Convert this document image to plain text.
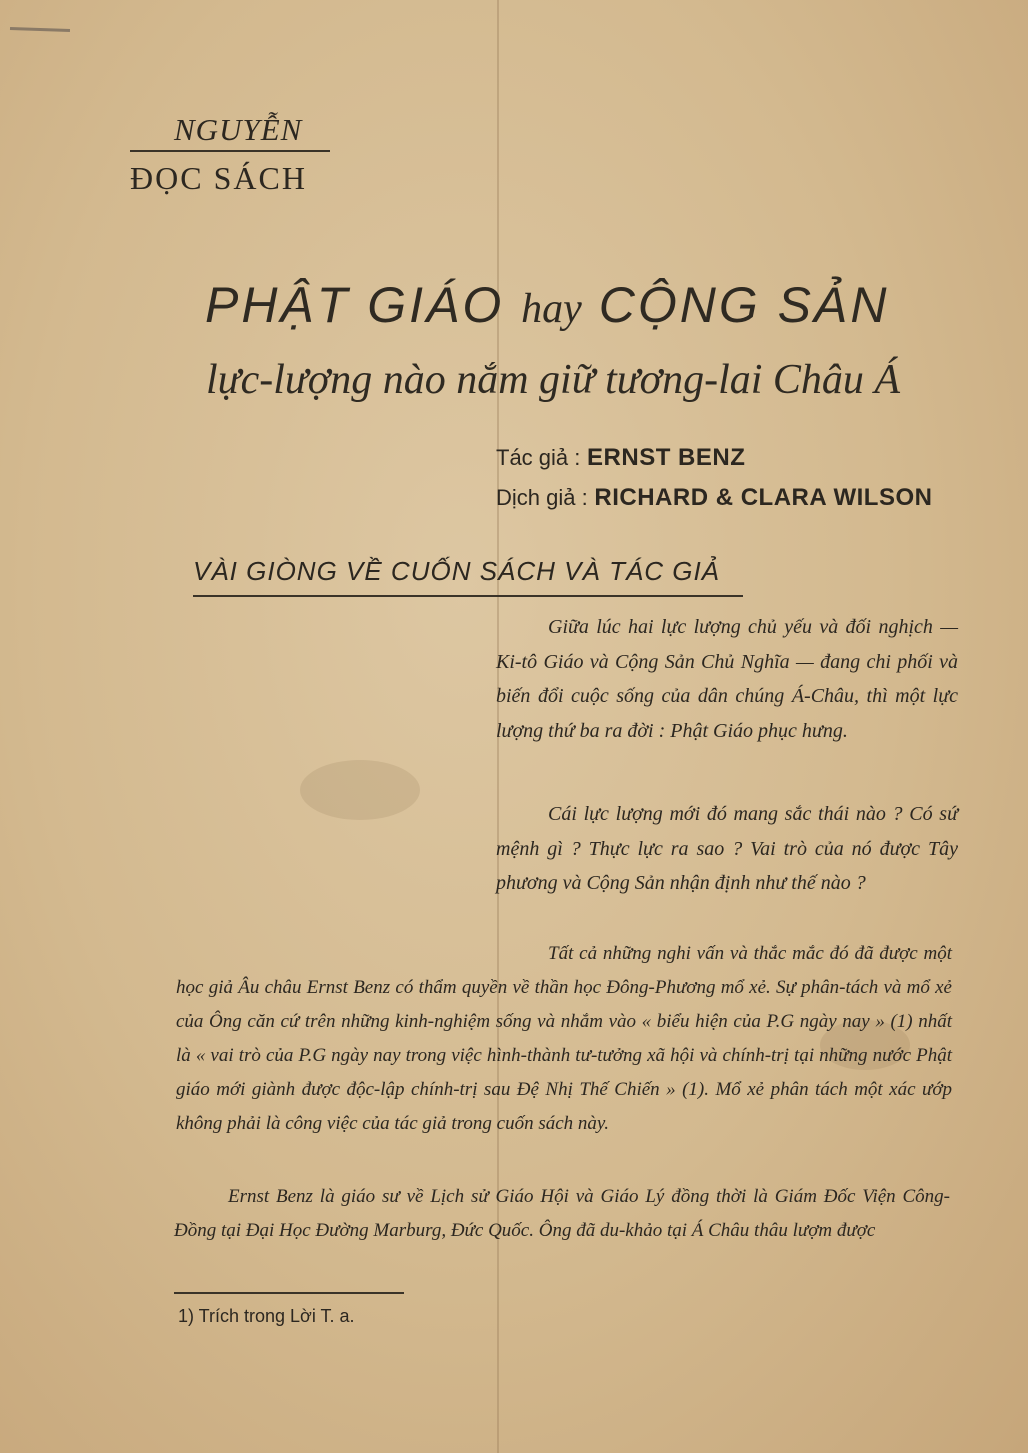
NGUYỄN
ĐỌC SÁCH
PHẬT GIÁO hay CỘNG SẢN
lực-lượng nào nắm giữ tương-lai Châu Á
Tác giả : ERNST BENZ
Dịch giả : RICHARD & CLARA WILSON
VÀI GIÒNG VỀ CUỐN SÁCH VÀ TÁC GIẢ

Giữa lúc hai lực lượng chủ yếu và đối nghịch — Ki-tô Giáo và Cộng Sản Chủ Nghĩa — đang chi phối và biến đổi cuộc sống của dân chúng Á-Châu, thì một lực lượng thứ ba ra đời : Phật Giáo phục hưng.

Cái lực lượng mới đó mang sắc thái nào ? Có sứ mệnh gì ? Thực lực ra sao ? Vai trò của nó được Tây phương và Cộng Sản nhận định như thế nào ?

Tất cả những nghi vấn và thắc mắc đó đã được một học giả Âu châu Ernst Benz có thẩm quyền về thần học Đông-Phương mổ xẻ. Sự phân-tách và mổ xẻ của Ông căn cứ trên những kinh-nghiệm sống và nhắm vào « biểu hiện của P.G ngày nay » (1) nhất là « vai trò của P.G ngày nay trong việc hình-thành tư-tưởng xã hội và chính-trị tại những nước Phật giáo mới giành được độc-lập chính-trị sau Đệ Nhị Thế Chiến » (1). Mổ xẻ phân tách một xác ướp không phải là công việc của tác giả trong cuốn sách này.

Ernst Benz là giáo sư về Lịch sử Giáo Hội và Giáo Lý đồng thời là Giám Đốc Viện Công-Đồng tại Đại Học Đường Marburg, Đức Quốc. Ông đã du-khảo tại Á Châu thâu lượm được

1) Trích trong Lời T. a.
